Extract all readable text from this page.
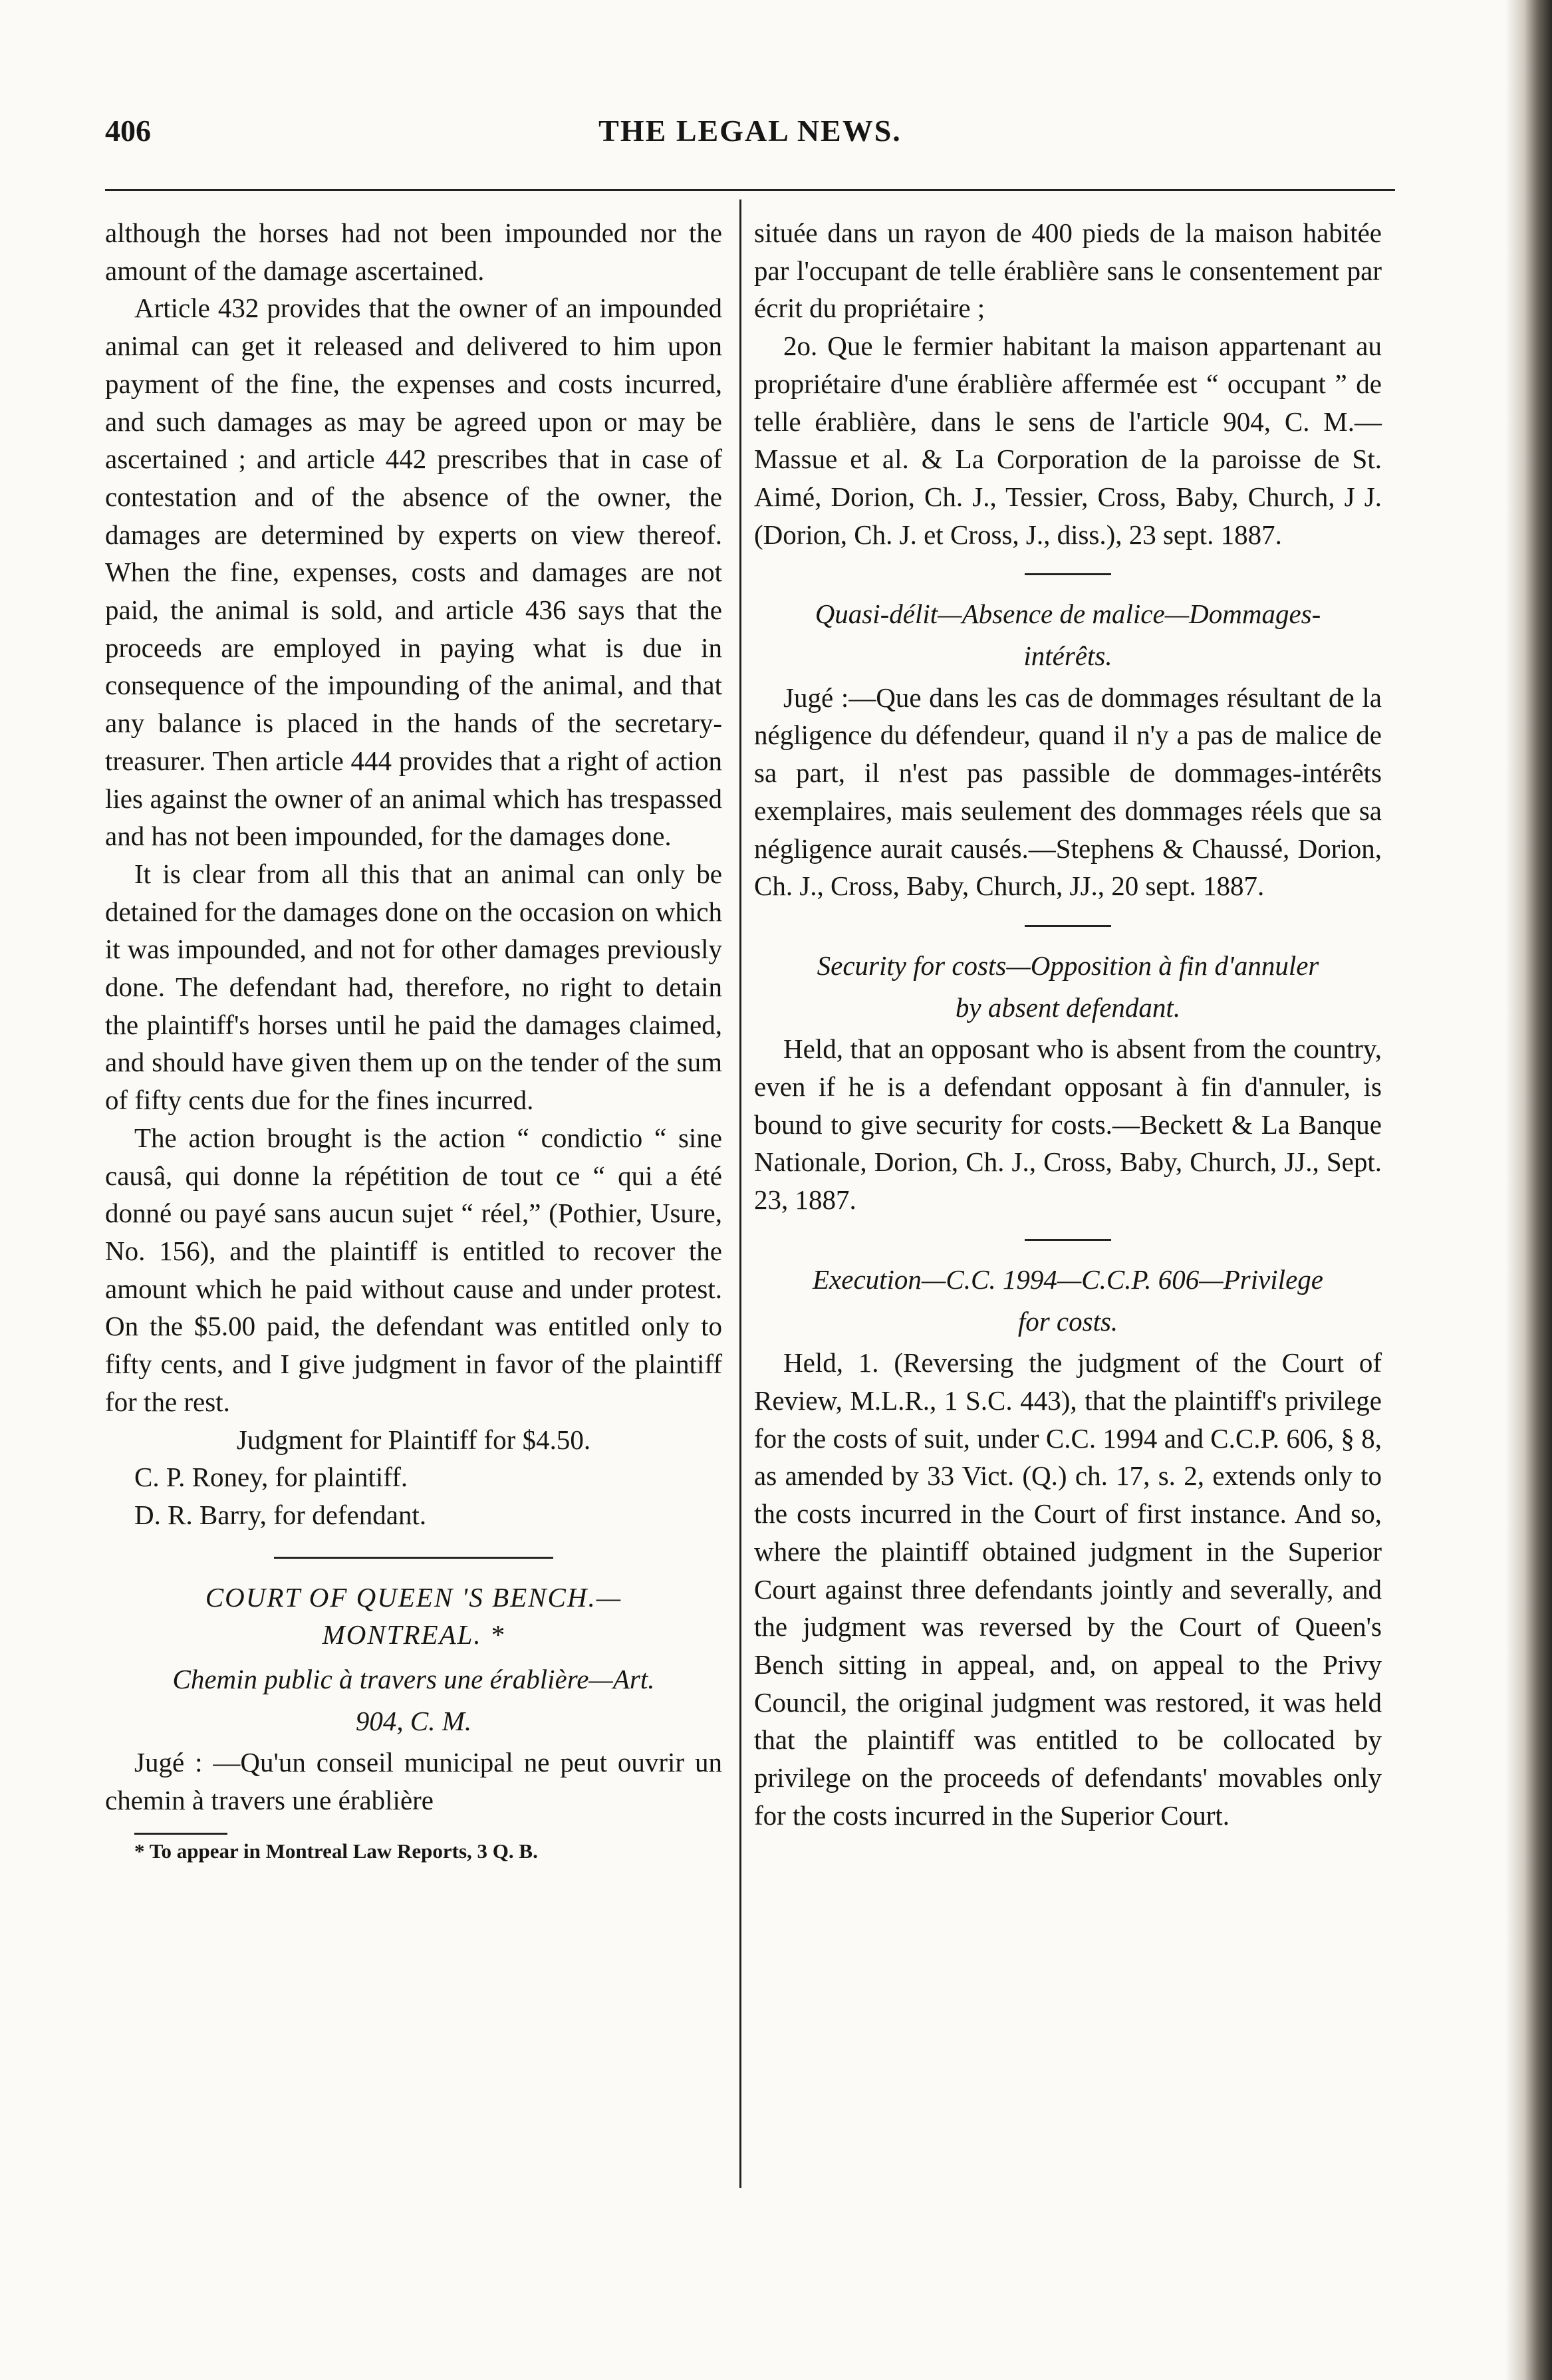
406	THE LEGAL NEWS.

although the horses had not been impounded nor the amount of the damage ascertained.

Article 432 provides that the owner of an impounded animal can get it released and delivered to him upon payment of the fine, the expenses and costs incurred, and such damages as may be agreed upon or may be ascertained ; and article 442 prescribes that in case of contestation and of the absence of the owner, the damages are determined by experts on view thereof. When the fine, expenses, costs and damages are not paid, the animal is sold, and article 436 says that the proceeds are employed in paying what is due in consequence of the impounding of the animal, and that any balance is placed in the hands of the secretary-treasurer. Then article 444 provides that a right of action lies against the owner of an animal which has trespassed and has not been impounded, for the damages done.

It is clear from all this that an animal can only be detained for the damages done on the occasion on which it was impounded, and not for other damages previously done. The defendant had, therefore, no right to detain the plaintiff's horses until he paid the damages claimed, and should have given them up on the tender of the sum of fifty cents due for the fines incurred.

The action brought is the action “ condictio “ sine causâ, qui donne la répétition de tout ce “ qui a été donné ou payé sans aucun sujet “ réel,” (Pothier, Usure, No. 156), and the plaintiff is entitled to recover the amount which he paid without cause and under protest. On the $5.00 paid, the defendant was entitled only to fifty cents, and I give judgment in favor of the plaintiff for the rest.

Judgment for Plaintiff for $4.50.

C. P. Roney, for plaintiff.

D. R. Barry, for defendant.

COURT OF QUEEN 'S BENCH.—

MONTREAL. *

Chemin public à travers une érablière—Art.

904, C. M.

Jugé : —Qu'un conseil municipal ne peut ouvrir un chemin à travers une érablière

* To appear in Montreal Law Reports, 3 Q. B.

située dans un rayon de 400 pieds de la maison habitée par l'occupant de telle érablière sans le consentement par écrit du propriétaire ;

2o. Que le fermier habitant la maison appartenant au propriétaire d'une érablière affermée est “ occupant ” de telle érablière, dans le sens de l'article 904, C. M.—Massue et al. & La Corporation de la paroisse de St. Aimé, Dorion, Ch. J., Tessier, Cross, Baby, Church, J J. (Dorion, Ch. J. et Cross, J., diss.), 23 sept. 1887.

Quasi-délit—Absence de malice—Dommages-

intérêts.

Jugé :—Que dans les cas de dommages résultant de la négligence du défendeur, quand il n'y a pas de malice de sa part, il n'est pas passible de dommages-intérêts exemplaires, mais seulement des dommages réels que sa négligence aurait causés.—Stephens & Chaussé, Dorion, Ch. J., Cross, Baby, Church, JJ., 20 sept. 1887.

Security for costs—Opposition à fin d'annuler

by absent defendant.

Held, that an opposant who is absent from the country, even if he is a defendant opposant à fin d'annuler, is bound to give security for costs.—Beckett & La Banque Nationale, Dorion, Ch. J., Cross, Baby, Church, JJ., Sept. 23, 1887.

Execution—C.C. 1994—C.C.P. 606—Privilege

for costs.

Held, 1. (Reversing the judgment of the Court of Review, M.L.R., 1 S.C. 443), that the plaintiff's privilege for the costs of suit, under C.C. 1994 and C.C.P. 606, § 8, as amended by 33 Vict. (Q.) ch. 17, s. 2, extends only to the costs incurred in the Court of first instance. And so, where the plaintiff obtained judgment in the Superior Court against three defendants jointly and severally, and the judgment was reversed by the Court of Queen's Bench sitting in appeal, and, on appeal to the Privy Council, the original judgment was restored, it was held that the plaintiff was entitled to be collocated by privilege on the proceeds of defendants' movables only for the costs incurred in the Superior Court.
